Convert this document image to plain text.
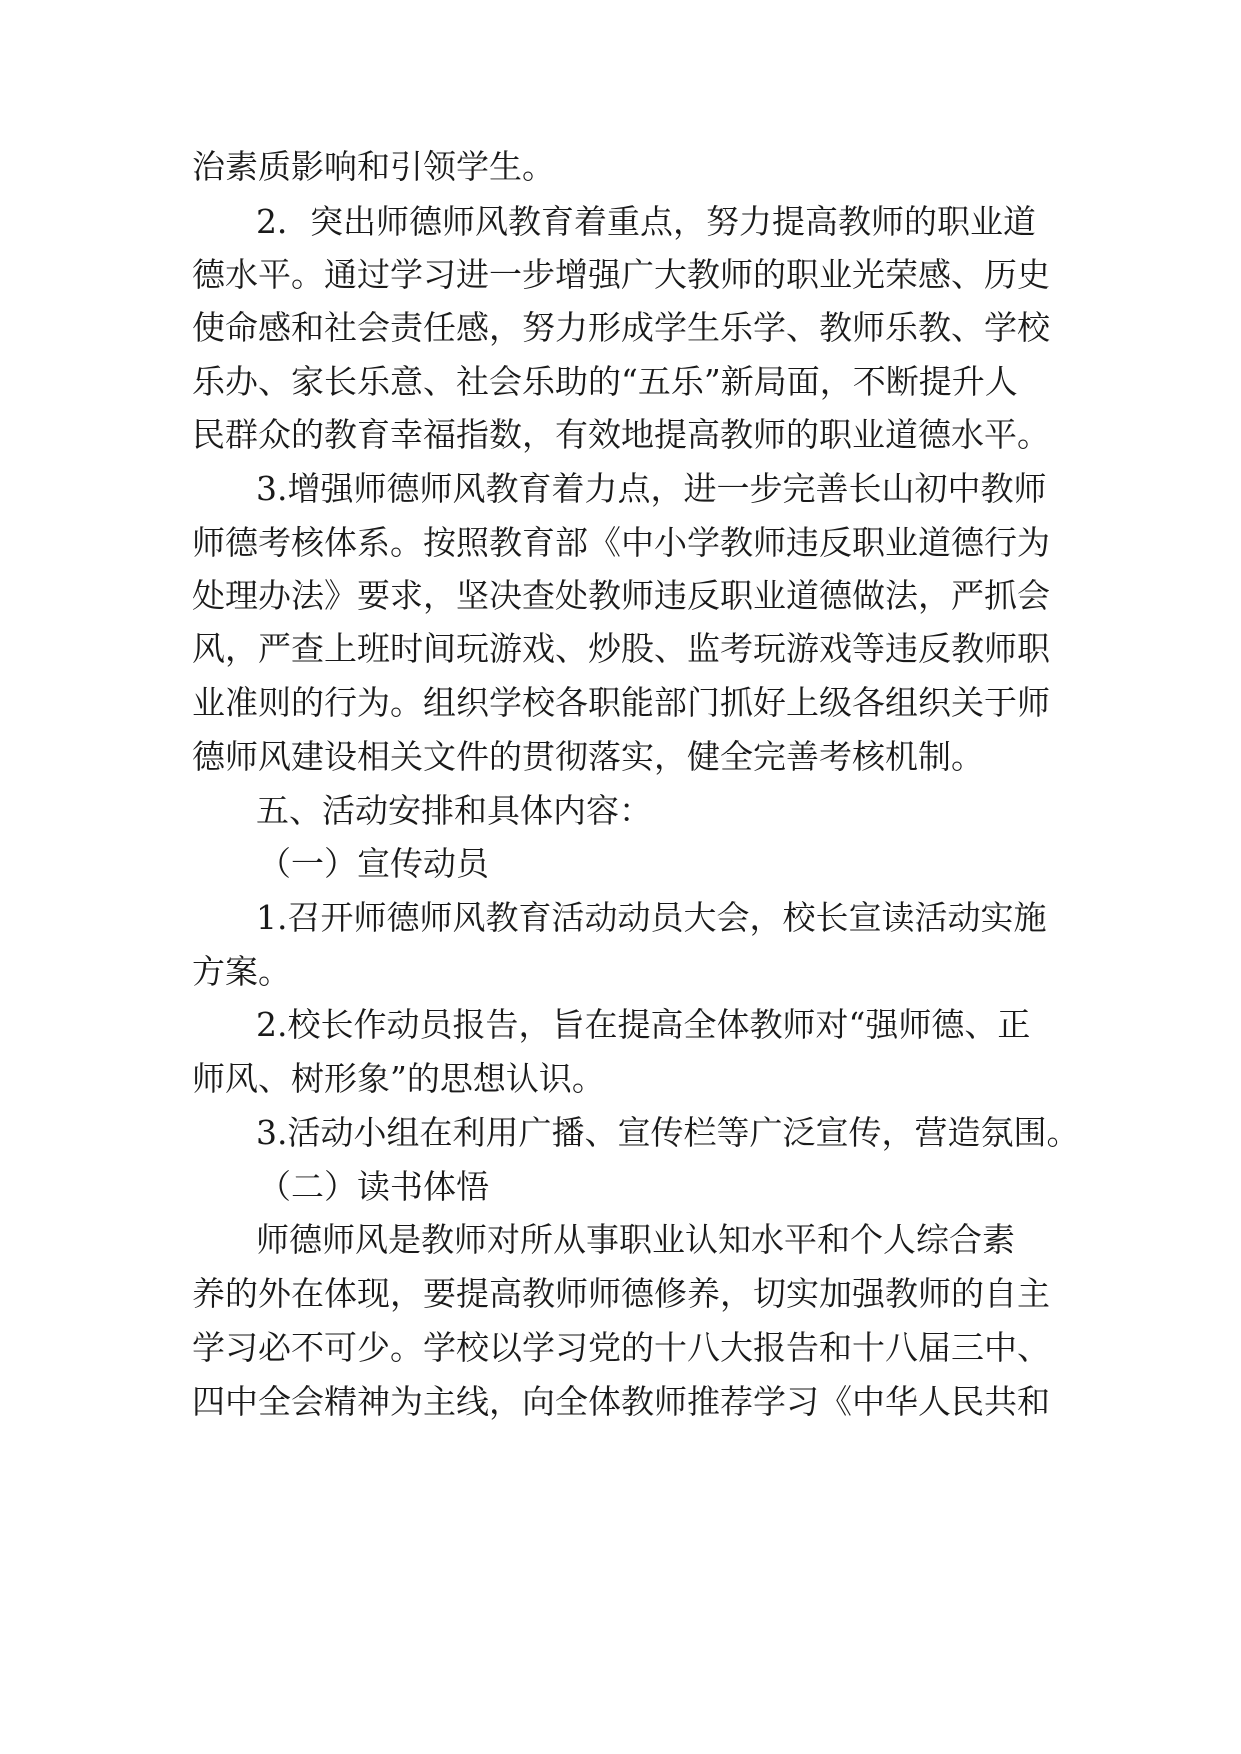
治素质影响和引领学生。
2．突出师德师风教育着重点，努力提高教师的职业道
德水平。通过学习进一步增强广大教师的职业光荣感、历史
使命感和社会责任感，努力形成学生乐学、教师乐教、学校
乐办、家长乐意、社会乐助的“五乐”新局面，不断提升人
民群众的教育幸福指数，有效地提高教师的职业道德水平。
3.增强师德师风教育着力点，进一步完善长山初中教师
师德考核体系。按照教育部《中小学教师违反职业道德行为
处理办法》要求，坚决查处教师违反职业道德做法，严抓会
风，严查上班时间玩游戏、炒股、监考玩游戏等违反教师职
业准则的行为。组织学校各职能部门抓好上级各组织关于师
德师风建设相关文件的贯彻落实，健全完善考核机制。
五、活动安排和具体内容：
（一）宣传动员
1.召开师德师风教育活动动员大会，校长宣读活动实施
方案。
2.校长作动员报告，旨在提高全体教师对“强师德、正
师风、树形象”的思想认识。
3.活动小组在利用广播、宣传栏等广泛宣传，营造氛围。
（二）读书体悟
师德师风是教师对所从事职业认知水平和个人综合素
养的外在体现，要提高教师师德修养，切实加强教师的自主
学习必不可少。学校以学习党的十八大报告和十八届三中、
四中全会精神为主线，向全体教师推荐学习《中华人民共和
